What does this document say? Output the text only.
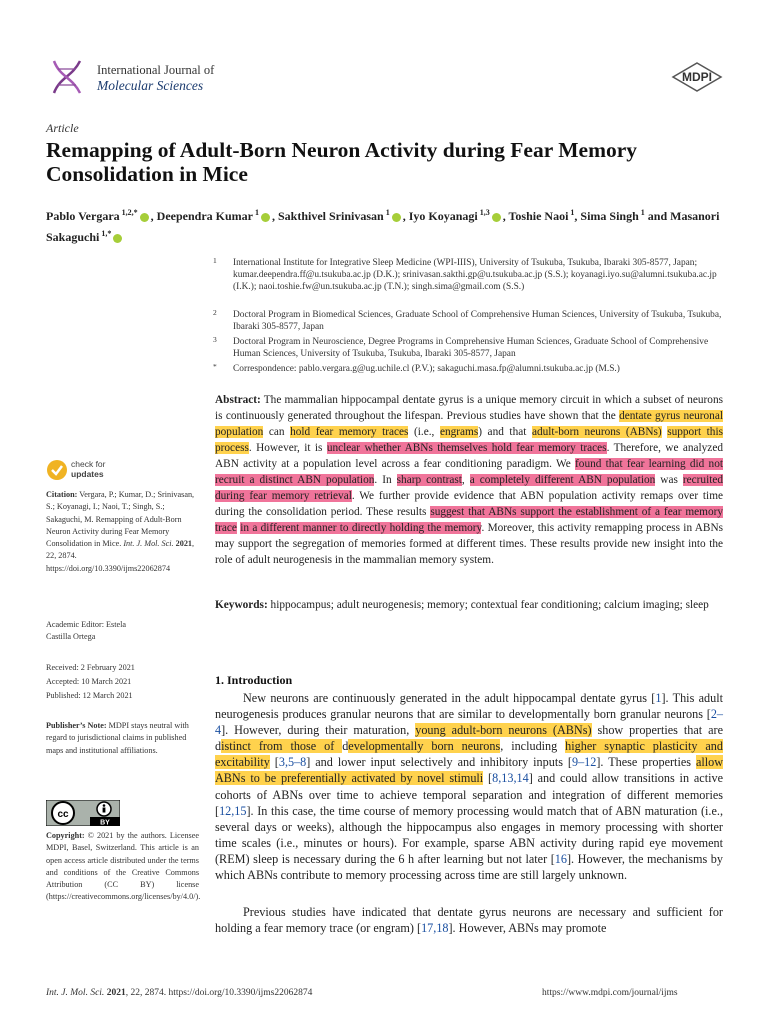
International Journal of
Molecular Sciences
MDPI
Article
Remapping of Adult-Born Neuron Activity during Fear Memory Consolidation in Mice
Pablo Vergara $^{1,2,*}$ , Deependra Kumar $^1$ , Sakthivel Srinivasan $^1$ , Iyo Koyanagi $^{1,3}$ , Toshie Naoi $^1$, Sima Singh $^1$ and Masanori Sakaguchi $^{1,*}$
1 International Institute for Integrative Sleep Medicine (WPI-IIIS), University of Tsukuba, Tsukuba, Ibaraki 305-8577, Japan; kumar.deependra.ff@u.tsukuba.ac.jp (D.K.); srinivasan.sakthi.gp@u.tsukuba.ac.jp (S.S.); koyanagi.iyo.su@alumni.tsukuba.ac.jp (I.K.); naoi.toshie.fw@un.tsukuba.ac.jp (T.N.); singh.sima@gmail.com (S.S.)
2 Doctoral Program in Biomedical Sciences, Graduate School of Comprehensive Human Sciences, University of Tsukuba, Tsukuba, Ibaraki 305-8577, Japan
3 Doctoral Program in Neuroscience, Degree Programs in Comprehensive Human Sciences, Graduate School of Comprehensive Human Sciences, University of Tsukuba, Tsukuba, Ibaraki 305-8577, Japan
* Correspondence: pablo.vergara.g@ug.uchile.cl (P.V.); sakaguchi.masa.fp@alumni.tsukuba.ac.jp (M.S.)
Abstract: The mammalian hippocampal dentate gyrus is a unique memory circuit in which a subset of neurons is continuously generated throughout the lifespan. Previous studies have shown that the dentate gyrus neuronal population can hold fear memory traces (i.e., engrams) and that adult-born neurons (ABNs) support this process. However, it is unclear whether ABNs themselves hold fear memory traces. Therefore, we analyzed ABN activity at a population level across a fear conditioning paradigm. We found that fear learning did not recruit a distinct ABN population. In sharp contrast, a completely different ABN population was recruited during fear memory retrieval. We further provide evidence that ABN population activity remaps over time during the consolidation period. These results suggest that ABNs support the establishment of a fear memory trace in a different manner to directly holding the memory. Moreover, this activity remapping process in ABNs may support the segregation of memories formed at different times. These results provide new insight into the role of adult neurogenesis in the mammalian memory system.
Keywords: hippocampus; adult neurogenesis; memory; contextual fear conditioning; calcium imaging; sleep
check for
updates
Citation: Vergara, P.; Kumar, D.; Srinivasan, S.; Koyanagi, I.; Naoi, T.; Singh, S.; Sakaguchi, M. Remapping of Adult-Born Neuron Activity during Fear Memory Consolidation in Mice. Int. J. Mol. Sci. 2021, 22, 2874. https://doi.org/10.3390/ijms22062874
Academic Editor: Estela Castilla Ortega
Received: 2 February 2021
Accepted: 10 March 2021
Published: 12 March 2021
Publisher’s Note: MDPI stays neutral with regard to jurisdictional claims in published maps and institutional affiliations.
cc
BY
Copyright: © 2021 by the authors. Licensee MDPI, Basel, Switzerland. This article is an open access article distributed under the terms and conditions of the Creative Commons Attribution (CC BY) license (https://creativecommons.org/licenses/by/4.0/).
1. Introduction
New neurons are continuously generated in the adult hippocampal dentate gyrus [1]. This adult neurogenesis produces granular neurons that are similar to developmentally born granular neurons [2–4]. However, during their maturation, young adult-born neurons (ABNs) show properties that are distinct from those of developmentally born neurons, including higher synaptic plasticity and excitability [3,5–8] and lower input selectively and inhibitory inputs [9–12]. These properties allow ABNs to be preferentially activated by novel stimuli [8,13,14] and could allow transitions in active cohorts of ABNs over time to achieve temporal separation and integration of different memories [12,15]. In this case, the time course of memory processing would match that of ABN maturation (i.e., several days or weeks), although the hippocampus also engages in memory processing with shorter time scales (i.e., minutes or hours). For example, sparse ABN activity during rapid eye movement (REM) sleep is necessary during the 6 h after learning but not later [16]. However, the mechanisms by which ABNs contribute to memory processing across time are still largely unknown.
Previous studies have indicated that dentate gyrus neurons are necessary and sufficient for holding a fear memory trace (or engram) [17,18]. However, ABNs may promote
Int. J. Mol. Sci. 2021, 22, 2874. https://doi.org/10.3390/ijms22062874	https://www.mdpi.com/journal/ijms
